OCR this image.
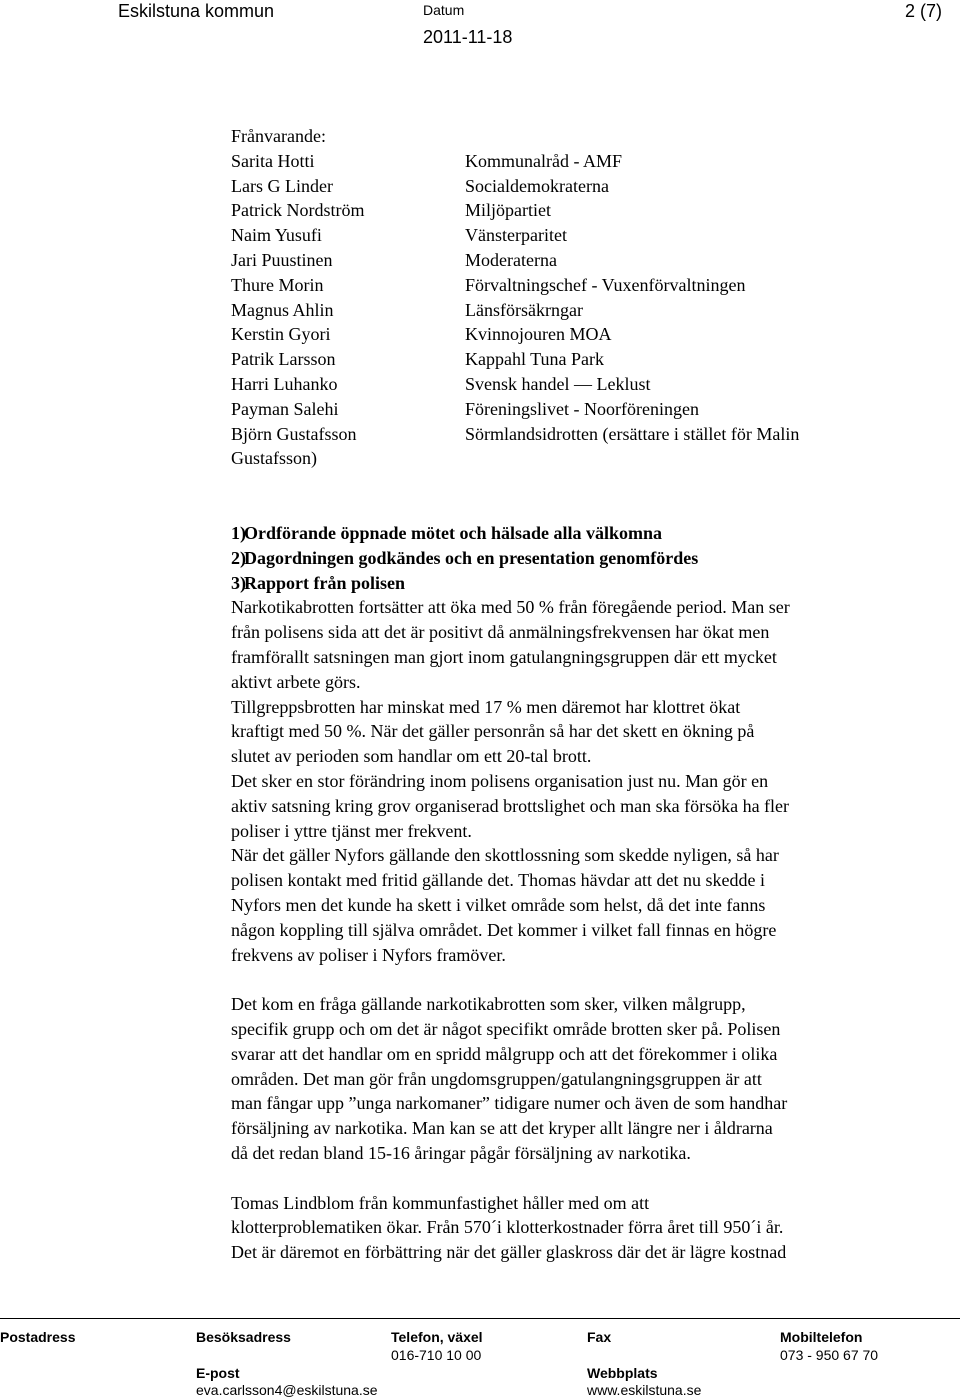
Eskilstuna kommun	Datum
2011-11-18
2 (7)
Frånvarande:
Sarita Hotti	Kommunalråd - AMF
Lars G Linder	Socialdemokraterna
Patrick Nordström	Miljöpartiet
Naim Yusufi	Vänsterparitet
Jari Puustinen	Moderaterna
Thure Morin	Förvaltningschef - Vuxenförvaltningen
Magnus Ahlin	Länsförsäkrngar
Kerstin Gyori	Kvinnojouren MOA
Patrik Larsson	Kappahl Tuna Park
Harri Luhanko	Svensk handel — Leklust
Payman Salehi	Föreningslivet - Noorföreningen
Björn Gustafsson	Sörmlandsidrotten (ersättare i stället för Malin
Gustafsson)
1)
Ordförande öppnade mötet och hälsade alla välkomna
2)
Dagordningen godkändes och en presentation genomfördes
3)
Rapport från polisen
Narkotikabrotten fortsätter att öka med 50 % från föregående period. Man ser
från polisens sida att det är positivt då anmälningsfrekvensen har ökat men
framförallt satsningen man gjort inom gatulangningsgruppen där ett mycket
aktivt arbete görs.
Tillgreppsbrotten har minskat med 17 % men däremot har klottret ökat
kraftigt med 50 %. När det gäller personrån så har det skett en ökning på
slutet av perioden som handlar om ett 20-tal brott.
Det sker en stor förändring inom polisens organisation just nu. Man gör en
aktiv satsning kring grov organiserad brottslighet och man ska försöka ha fler
poliser i yttre tjänst mer frekvent.
När det gäller Nyfors gällande den skottlossning som skedde nyligen, så har
polisen kontakt med fritid gällande det. Thomas hävdar att det nu skedde i
Nyfors men det kunde ha skett i vilket område som helst, då det inte fanns
någon koppling till själva området. Det kommer i vilket fall finnas en högre
frekvens av poliser i Nyfors framöver.
Det kom en fråga gällande narkotikabrotten som sker, vilken målgrupp,
specifik grupp och om det är något specifikt område brotten sker på. Polisen
svarar att det handlar om en spridd målgrupp och att det förekommer i olika
områden. Det man gör från ungdomsgruppen/gatulangningsgruppen är att
man fångar upp ”unga narkomaner” tidigare numer och även de som handhar
försäljning av narkotika. Man kan se att det kryper allt längre ner i åldrarna
då det redan bland 15-16 åringar pågår försäljning av narkotika.
Tomas Lindblom från kommunfastighet håller med om att
klotterproblematiken ökar. Från 570´i klotterkostnader förra året till 950´i år.
Det är däremot en förbättring när det gäller glaskross där det är lägre kostnad
Postadress	Besöksadress	Telefon, växel
016-710 10 00
Fax	Mobiltelefon
073 - 950 67 70
E-post
eva.carlsson4@eskilstuna.se
Webbplats
www.eskilstuna.se
